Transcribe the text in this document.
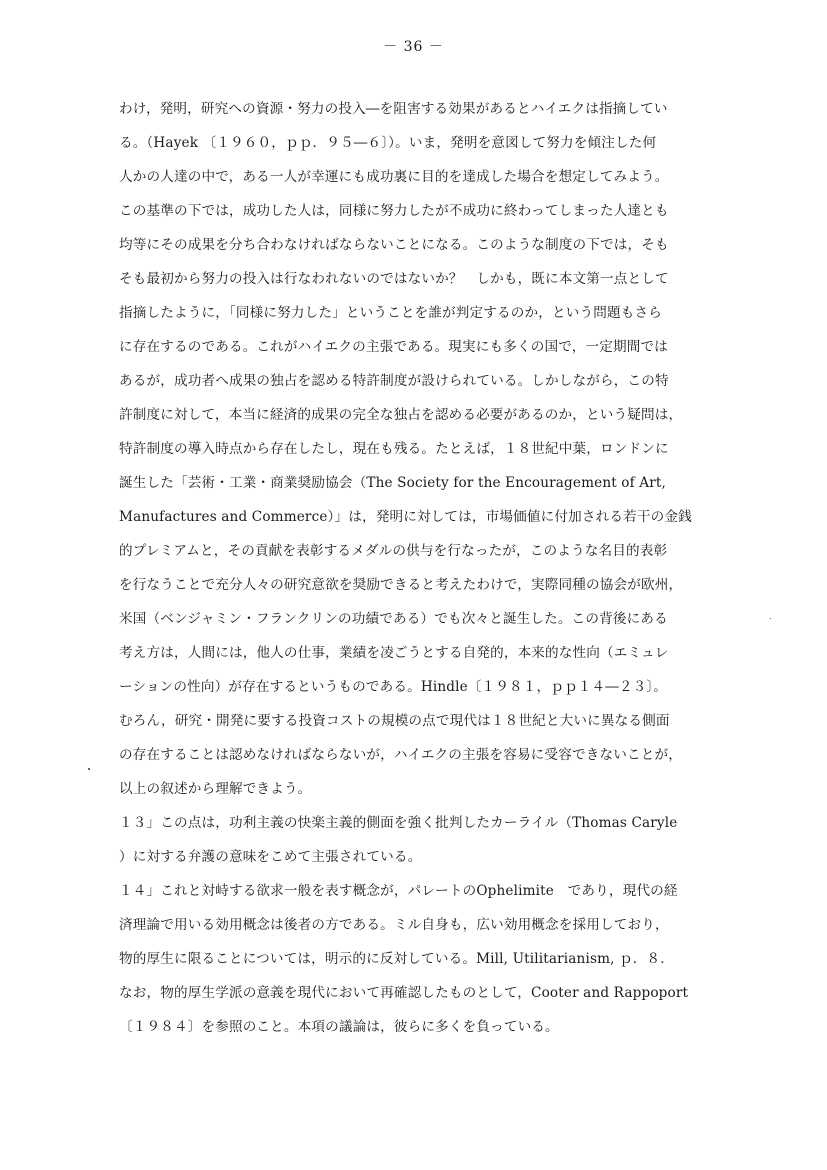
－ 36 －
わけ，発明，研究への資源・努力の投入―を阻害する効果があるとハイエクは指摘してい
る。（Hayek 〔１９６０，ｐｐ．９５―６〕）。いま，発明を意図して努力を傾注した何
人かの人達の中で，ある一人が幸運にも成功裏に目的を達成した場合を想定してみよう。
この基準の下では，成功した人は，同様に努力したが不成功に終わってしまった人達とも
均等にその成果を分ち合わなければならないことになる。このような制度の下では，そも
そも最初から努力の投入は行なわれないのではないか？　しかも，既に本文第一点として
指摘したように，「同様に努力した」ということを誰が判定するのか，という問題もさら
に存在するのである。これがハイエクの主張である。現実にも多くの国で，一定期間では
あるが，成功者へ成果の独占を認める特許制度が設けられている。しかしながら，この特
許制度に対して，本当に経済的成果の完全な独占を認める必要があるのか，という疑問は，
特許制度の導入時点から存在したし，現在も残る。たとえば，１８世紀中葉，ロンドンに
誕生した「芸術・工業・商業奨励協会（The Society for the Encouragement of Art,
Manufactures and Commerce）」は，発明に対しては，市場価値に付加される若干の金銭
的プレミアムと，その貢献を表彰するメダルの供与を行なったが，このような名目的表彰
を行なうことで充分人々の研究意欲を奨励できると考えたわけで，実際同種の協会が欧州，
米国（ベンジャミン・フランクリンの功績である）でも次々と誕生した。この背後にある
考え方は，人間には，他人の仕事，業績を凌ごうとする自発的，本来的な性向（エミュレ
ーションの性向）が存在するというものである。Hindle〔１９８１，ｐｐ１４―２３〕。
むろん，研究・開発に要する投資コストの規模の点で現代は１８世紀と大いに異なる側面
の存在することは認めなければならないが，ハイエクの主張を容易に受容できないことが，
以上の叙述から理解できよう。
１３」この点は，功利主義の快楽主義的側面を強く批判したカーライル（Thomas Caryle
）に対する弁護の意味をこめて主張されている。
１４」これと対峙する欲求一般を表す概念が，パレートのOphelimite　であり，現代の経
済理論で用いる効用概念は後者の方である。ミル自身も，広い効用概念を採用しており，
物的厚生に限ることについては，明示的に反対している。Mill, Utilitarianism, ｐ．８．
なお，物的厚生学派の意義を現代において再確認したものとして，Cooter and Rappoport
〔１９８４〕を参照のこと。本項の議論は，彼らに多くを負っている。
